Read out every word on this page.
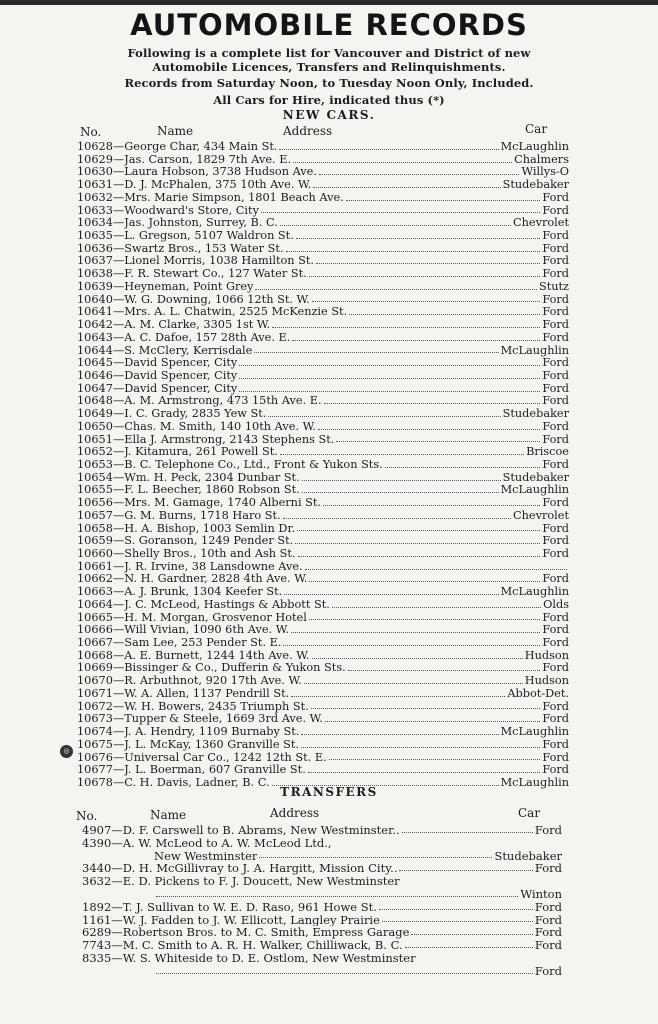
AUTOMOBILE RECORDS
Following is a complete list for Vancouver and District of new
Automobile Licences, Transfers and Relinquishments.
Records from Saturday Noon, to Tuesday Noon Only, Included.
All Cars for Hire, indicated thus (*)
NEW CARS.
No.	Name	Address	Car
10628 — George Char, 434 Main St.	McLaughlin
10629 — Jas. Carson, 1829 7th Ave. E.	Chalmers
10630 — Laura Hobson, 3738 Hudson Ave.	Willys-O
10631 — D. J. McPhalen, 375 10th Ave. W.	Studebaker
10632 — Mrs. Marie Simpson, 1801 Beach Ave.	Ford
10633 — Woodward's Store, City	Ford
10634 — Jas. Johnston, Surrey, B. C.	Chevrolet
10635 — L. Gregson, 5107 Waldron St.	Ford
10636 — Swartz Bros., 153 Water St.	Ford
10637 — Lionel Morris, 1038 Hamilton St.	Ford
10638 — F. R. Stewart Co., 127 Water St.	Ford
10639 — Heyneman, Point Grey	Stutz
10640 — W. G. Downing, 1066 12th St. W.	Ford
10641 — Mrs. A. L. Chatwin, 2525 McKenzie St.	Ford
10642 — A. M. Clarke, 3305 1st W.	Ford
10643 — A. C. Dafoe, 157 28th Ave. E.	Ford
10644 — S. McClery, Kerrisdale	McLaughlin
10645 — David Spencer, City	Ford
10646 — David Spencer, City	Ford
10647 — David Spencer, City	Ford
10648 — A. M. Armstrong, 473 15th Ave. E.	Ford
10649 — I. C. Grady, 2835 Yew St.	Studebaker
10650 — Chas. M. Smith, 140 10th Ave. W.	Ford
10651 — Ella J. Armstrong, 2143 Stephens St.	Ford
10652 — J. Kitamura, 261 Powell St.	Briscoe
10653 — B. C. Telephone Co., Ltd., Front & Yukon Sts.	Ford
10654 — Wm. H. Peck, 2304 Dunbar St.	Studebaker
10655 — F. L. Beecher, 1860 Robson St.	McLaughlin
10656 — Mrs. M. Gamage, 1740 Alberni St.	Ford
10657 — G. M. Burns, 1718 Haro St.	Chevrolet
10658 — H. A. Bishop, 1003 Semlin Dr.	Ford
10659 — S. Goranson, 1249 Pender St.	Ford
10660 — Shelly Bros., 10th and Ash St.	Ford
10661 — J. R. Irvine, 38 Lansdowne Ave.
10662 — N. H. Gardner, 2828 4th Ave. W.	Ford
10663 — A. J. Brunk, 1304 Keefer St.	McLaughlin
10664 — J. C. McLeod, Hastings & Abbott St.	Olds
10665 — H. M. Morgan, Grosvenor Hotel	Ford
10666 — Will Vivian, 1090 6th Ave. W.	Ford
10667 — Sam Lee, 253 Pender St. E.	Ford
10668 — A. E. Burnett, 1244 14th Ave. W.	Hudson
10669 — Bissinger & Co., Dufferin & Yukon Sts.	Ford
10670 — R. Arbuthnot, 920 17th Ave. W.	Hudson
10671 — W. A. Allen, 1137 Pendrill St.	Abbot-Det.
10672 — W. H. Bowers, 2435 Triumph St.	Ford
10673 — Tupper & Steele, 1669 3rd Ave. W.	Ford
10674 — J. A. Hendry, 1109 Burnaby St.	McLaughlin
10675 — J. L. McKay, 1360 Granville St.	Ford
10676 — Universal Car Co., 1242 12th St. E.	Ford
10677 — J. L. Boerman, 607 Granville St.	Ford
10678 — C. H. Davis, Ladner, B. C.	McLaughlin
◎
TRANSFERS
No.	Name	Address	Car
4907 — D. F. Carswell to B. Abrams, New Westminster..	Ford
4390 — A. W. McLeod to A. W. McLeod Ltd.,
New Westminster	Studebaker
3440 — D. H. McGillivray to J. A. Hargitt, Mission City..	Ford
3632 — E. D. Pickens to F. J. Doucett, New Westminster
Winton
1892 — T. J. Sullivan to W. E. D. Raso, 961 Howe St.	Ford
1161 — W. J. Fadden to J. W. Ellicott, Langley Prairie	Ford
6289 — Robertson Bros. to M. C. Smith, Empress Garage	Ford
7743 — M. C. Smith to A. R. H. Walker, Chilliwack, B. C.	Ford
8335 — W. S. Whiteside to D. E. Ostlom, New Westminster
Ford
